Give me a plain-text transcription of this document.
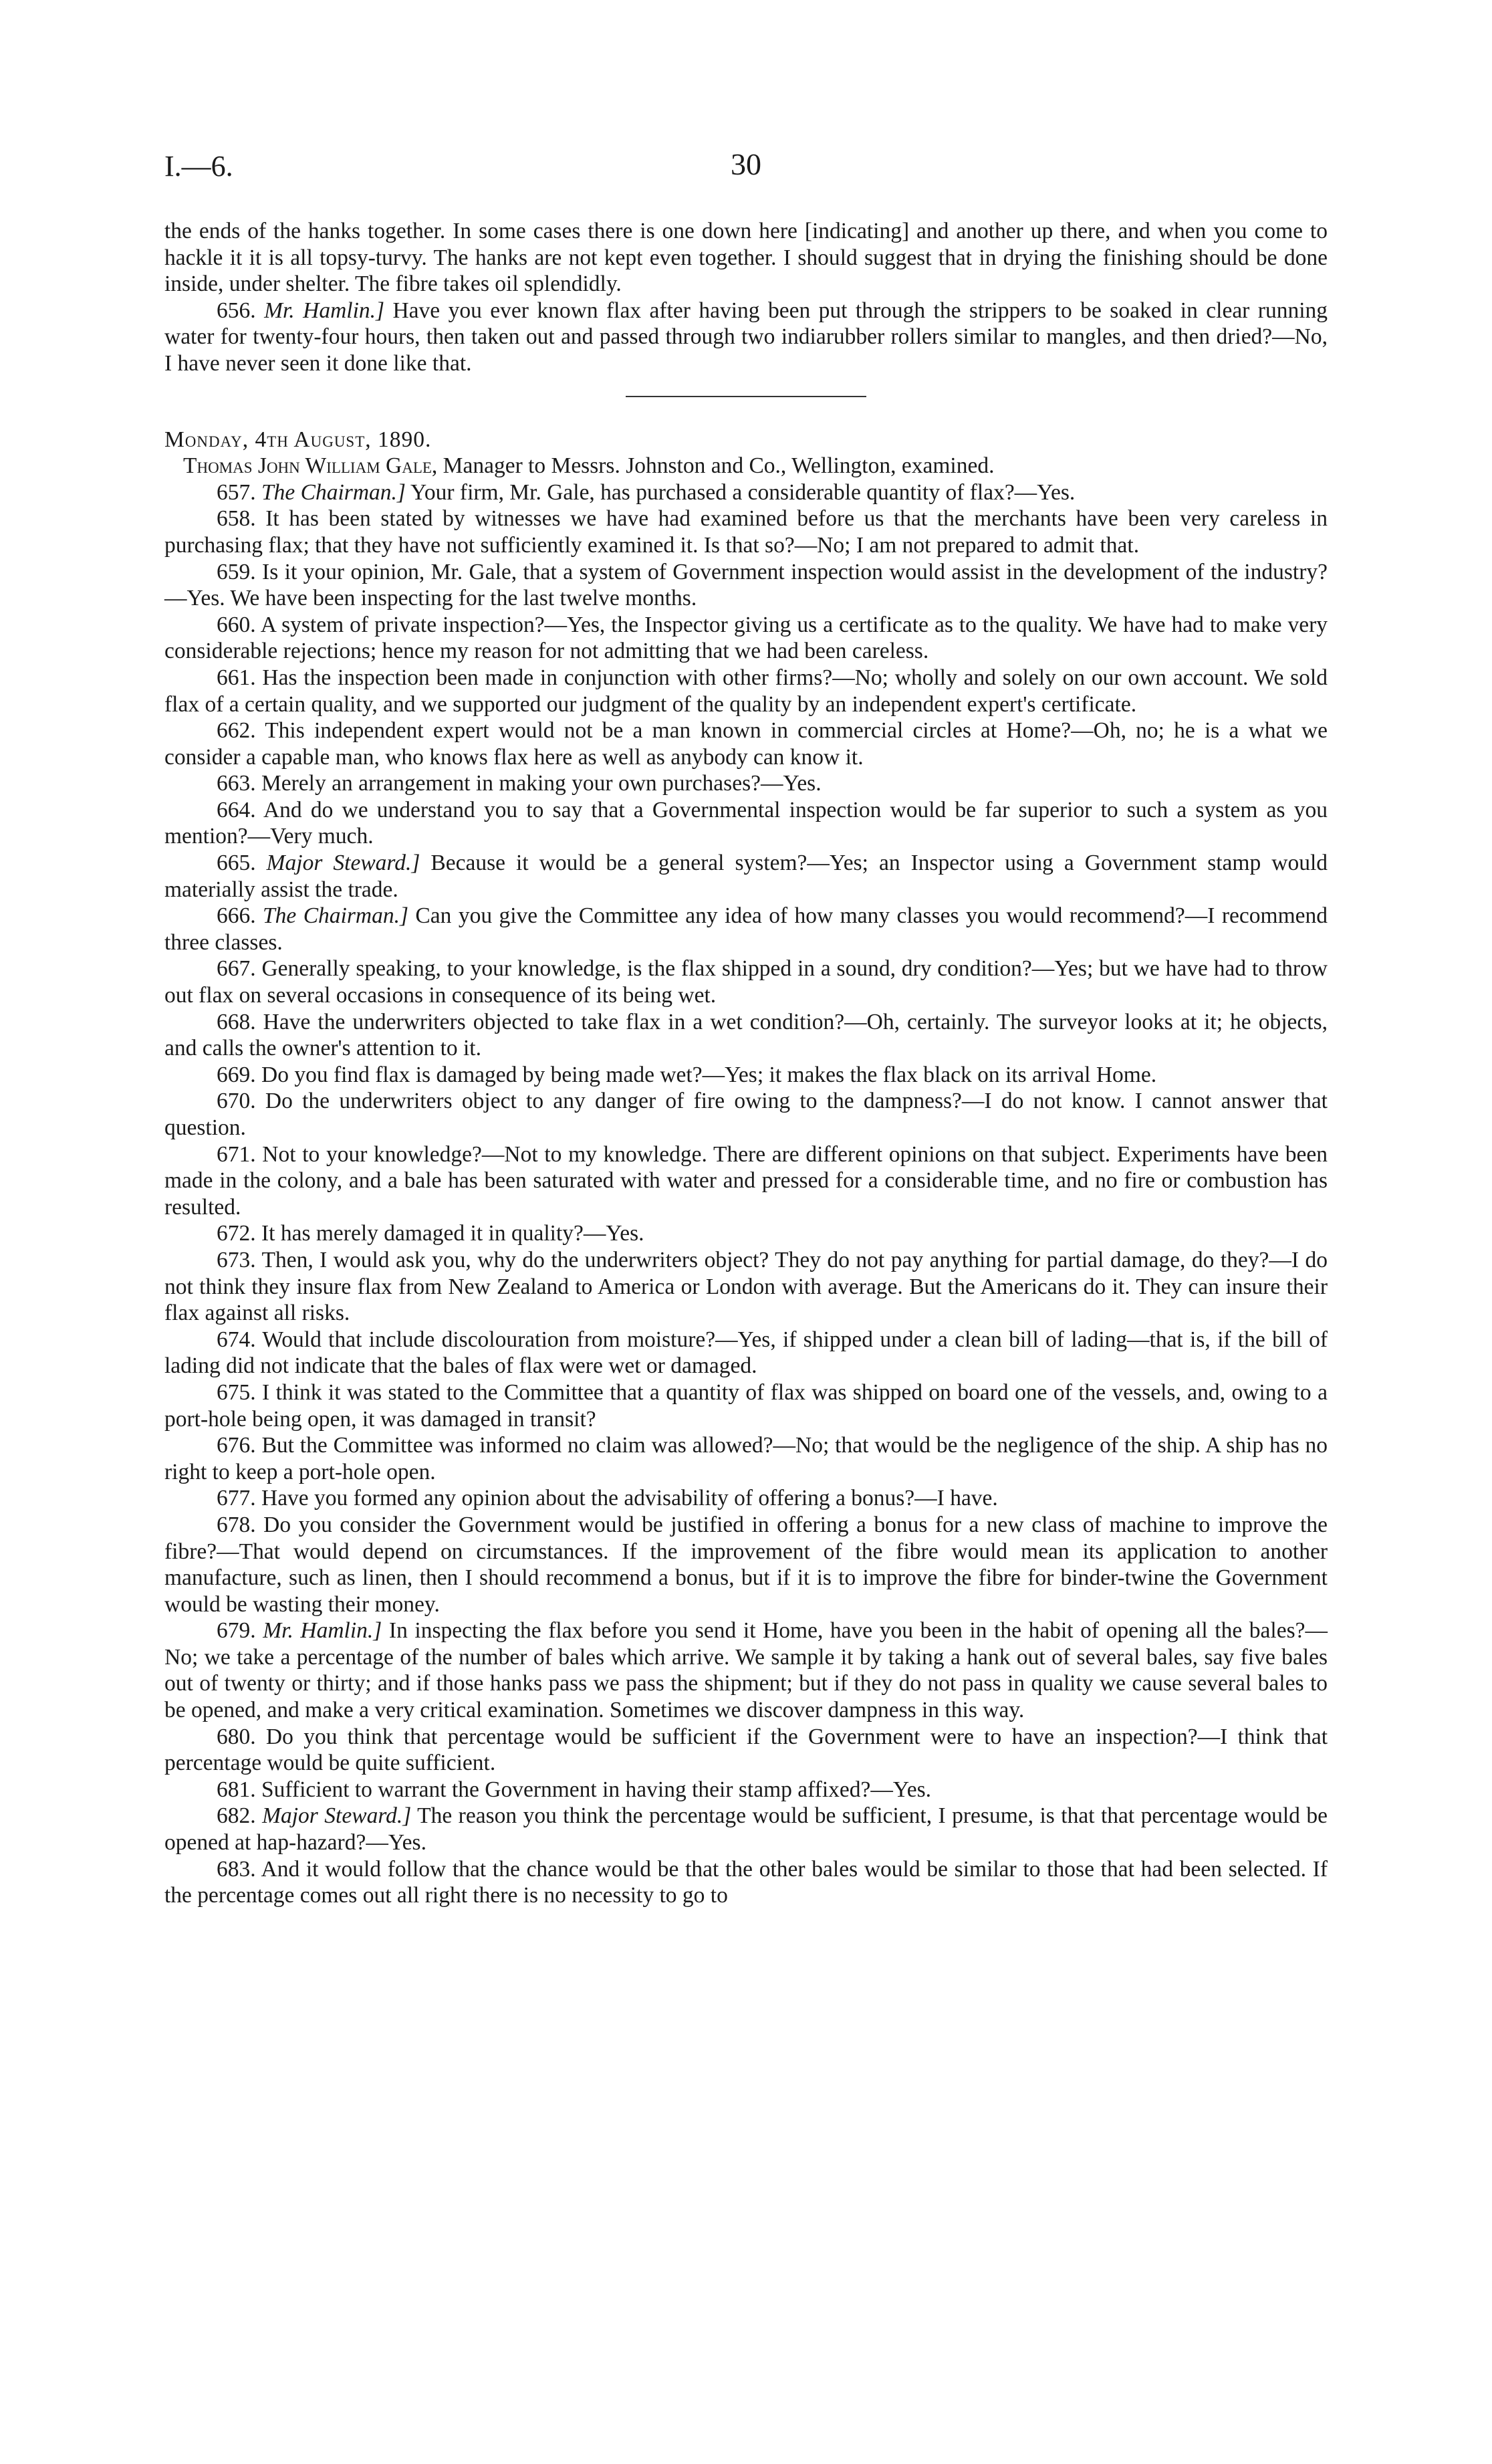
I.—6.	30

the ends of the hanks together. In some cases there is one down here [indicating] and another up there, and when you come to hackle it it is all topsy-turvy. The hanks are not kept even together. I should suggest that in drying the finishing should be done inside, under shelter. The fibre takes oil splendidly.

656. Mr. Hamlin.] Have you ever known flax after having been put through the strippers to be soaked in clear running water for twenty-four hours, then taken out and passed through two indiarubber rollers similar to mangles, and then dried?—No, I have never seen it done like that.

Monday, 4th August, 1890.

Thomas John William Gale, Manager to Messrs. Johnston and Co., Wellington, examined.

657. The Chairman.] Your firm, Mr. Gale, has purchased a considerable quantity of flax?—Yes.

658. It has been stated by witnesses we have had examined before us that the merchants have been very careless in purchasing flax; that they have not sufficiently examined it. Is that so?—No; I am not prepared to admit that.

659. Is it your opinion, Mr. Gale, that a system of Government inspection would assist in the development of the industry?—Yes. We have been inspecting for the last twelve months.

660. A system of private inspection?—Yes, the Inspector giving us a certificate as to the quality. We have had to make very considerable rejections; hence my reason for not admitting that we had been careless.

661. Has the inspection been made in conjunction with other firms?—No; wholly and solely on our own account. We sold flax of a certain quality, and we supported our judgment of the quality by an independent expert's certificate.

662. This independent expert would not be a man known in commercial circles at Home?—Oh, no; he is a what we consider a capable man, who knows flax here as well as anybody can know it.

663. Merely an arrangement in making your own purchases?—Yes.

664. And do we understand you to say that a Governmental inspection would be far superior to such a system as you mention?—Very much.

665. Major Steward.] Because it would be a general system?—Yes; an Inspector using a Government stamp would materially assist the trade.

666. The Chairman.] Can you give the Committee any idea of how many classes you would recommend?—I recommend three classes.

667. Generally speaking, to your knowledge, is the flax shipped in a sound, dry condition?—Yes; but we have had to throw out flax on several occasions in consequence of its being wet.

668. Have the underwriters objected to take flax in a wet condition?—Oh, certainly. The surveyor looks at it; he objects, and calls the owner's attention to it.

669. Do you find flax is damaged by being made wet?—Yes; it makes the flax black on its arrival Home.

670. Do the underwriters object to any danger of fire owing to the dampness?—I do not know. I cannot answer that question.

671. Not to your knowledge?—Not to my knowledge. There are different opinions on that subject. Experiments have been made in the colony, and a bale has been saturated with water and pressed for a considerable time, and no fire or combustion has resulted.

672. It has merely damaged it in quality?—Yes.

673. Then, I would ask you, why do the underwriters object? They do not pay anything for partial damage, do they?—I do not think they insure flax from New Zealand to America or London with average. But the Americans do it. They can insure their flax against all risks.

674. Would that include discolouration from moisture?—Yes, if shipped under a clean bill of lading—that is, if the bill of lading did not indicate that the bales of flax were wet or damaged.

675. I think it was stated to the Committee that a quantity of flax was shipped on board one of the vessels, and, owing to a port-hole being open, it was damaged in transit?

676. But the Committee was informed no claim was allowed?—No; that would be the negligence of the ship. A ship has no right to keep a port-hole open.

677. Have you formed any opinion about the advisability of offering a bonus?—I have.

678. Do you consider the Government would be justified in offering a bonus for a new class of machine to improve the fibre?—That would depend on circumstances. If the improvement of the fibre would mean its application to another manufacture, such as linen, then I should recommend a bonus, but if it is to improve the fibre for binder-twine the Government would be wasting their money.

679. Mr. Hamlin.] In inspecting the flax before you send it Home, have you been in the habit of opening all the bales?—No; we take a percentage of the number of bales which arrive. We sample it by taking a hank out of several bales, say five bales out of twenty or thirty; and if those hanks pass we pass the shipment; but if they do not pass in quality we cause several bales to be opened, and make a very critical examination. Sometimes we discover dampness in this way.

680. Do you think that percentage would be sufficient if the Government were to have an inspection?—I think that percentage would be quite sufficient.

681. Sufficient to warrant the Government in having their stamp affixed?—Yes.

682. Major Steward.] The reason you think the percentage would be sufficient, I presume, is that that percentage would be opened at hap-hazard?—Yes.

683. And it would follow that the chance would be that the other bales would be similar to those that had been selected. If the percentage comes out all right there is no necessity to go to
